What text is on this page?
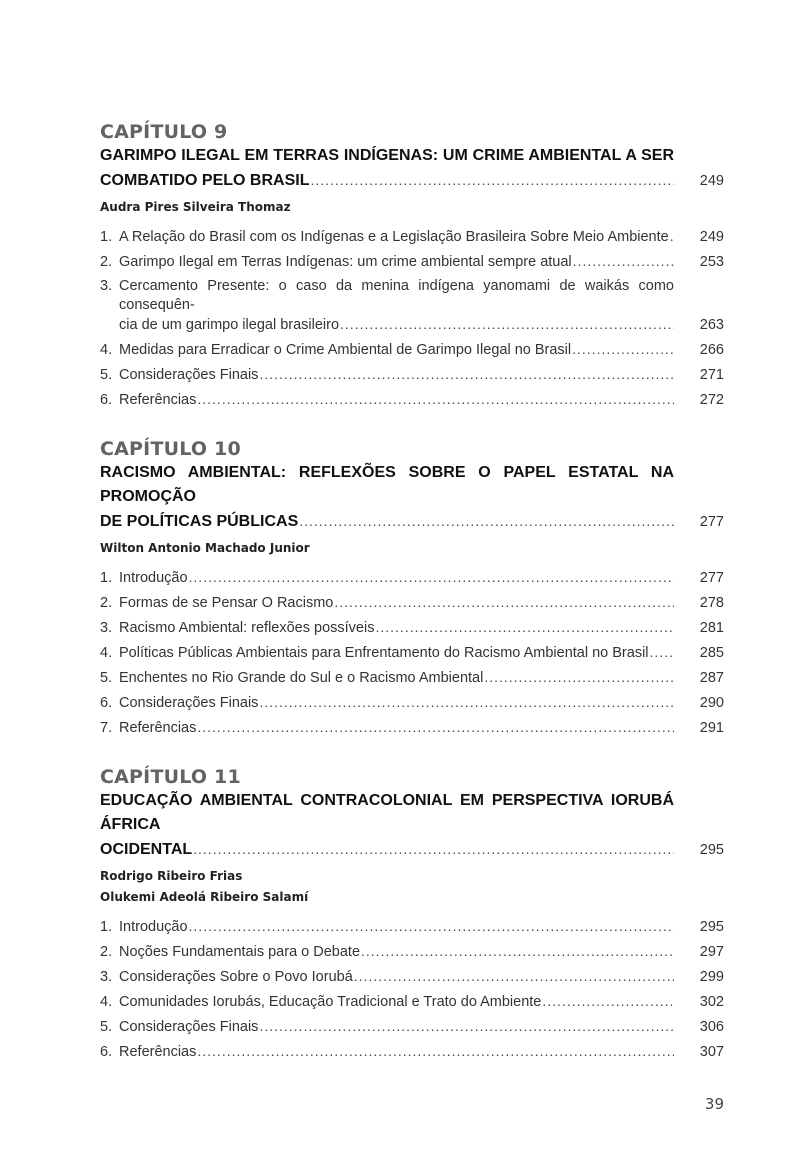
CAPÍTULO 9
GARIMPO ILEGAL EM TERRAS INDÍGENAS: UM CRIME AMBIENTAL A SER
COMBATIDO PELO BRASIL .....	249
Audra Pires Silveira Thomaz
1. A Relação do Brasil com os Indígenas e a Legislação Brasileira Sobre Meio Ambiente .....	249
2. Garimpo Ilegal em Terras Indígenas: um crime ambiental sempre atual .....	253
3. Cercamento Presente: o caso da menina indígena yanomami de waikás como consequên-
cia de um garimpo ilegal brasileiro .....	263
4. Medidas para Erradicar o Crime Ambiental de Garimpo Ilegal no Brasil .....	266
5. Considerações Finais .....	271
6. Referências .....	272
CAPÍTULO 10
RACISMO AMBIENTAL: REFLEXÕES SOBRE O PAPEL ESTATAL NA PROMOÇÃO
DE POLÍTICAS PÚBLICAS .....	277
Wilton Antonio Machado Junior
1. Introdução .....	277
2. Formas de se Pensar O Racismo .....	278
3. Racismo Ambiental: reflexões possíveis .....	281
4. Políticas Públicas Ambientais para Enfrentamento do Racismo Ambiental no Brasil .....	285
5. Enchentes no Rio Grande do Sul e o Racismo Ambiental .....	287
6. Considerações Finais .....	290
7. Referências .....	291
CAPÍTULO 11
EDUCAÇÃO AMBIENTAL CONTRACOLONIAL EM PERSPECTIVA IORUBÁ ÁFRICA
OCIDENTAL .....	295
Rodrigo Ribeiro Frias
Olukemi Adeolá Ribeiro Salamí
1. Introdução .....	295
2. Noções Fundamentais para o Debate .....	297
3. Considerações Sobre o Povo Iorubá .....	299
4. Comunidades Iorubás, Educação Tradicional e Trato do Ambiente .....	302
5. Considerações Finais .....	306
6. Referências .....	307
39
